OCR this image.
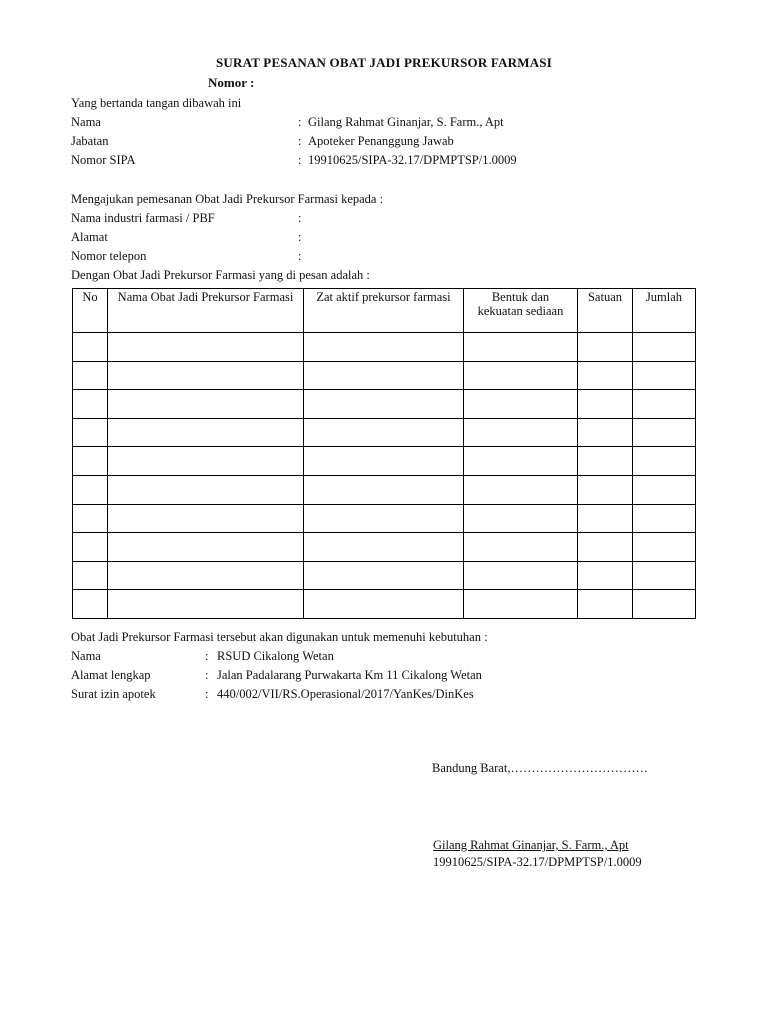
SURAT PESANAN OBAT JADI PREKURSOR FARMASI
Nomor :
Yang bertanda tangan dibawah ini
Nama	: Gilang Rahmat Ginanjar, S. Farm., Apt
Jabatan	: Apoteker Penanggung Jawab
Nomor SIPA	: 19910625/SIPA-32.17/DPMPTSP/1.0009
Mengajukan pemesanan Obat Jadi Prekursor Farmasi kepada :
Nama industri farmasi / PBF	:
Alamat	:
Nomor telepon	:
Dengan Obat Jadi Prekursor Farmasi yang di pesan adalah :
No	Nama Obat Jadi Prekursor Farmasi	Zat aktif prekursor farmasi	Bentuk dan kekuatan sediaan	Satuan	Jumlah

Obat Jadi Prekursor Farmasi tersebut akan digunakan untuk memenuhi kebutuhan :
Nama	: RSUD Cikalong Wetan
Alamat lengkap	: Jalan Padalarang Purwakarta Km 11 Cikalong Wetan
Surat izin apotek	: 440/002/VII/RS.Operasional/2017/YanKes/DinKes
Bandung Barat,……………………………
Gilang Rahmat Ginanjar, S. Farm., Apt
19910625/SIPA-32.17/DPMPTSP/1.0009
